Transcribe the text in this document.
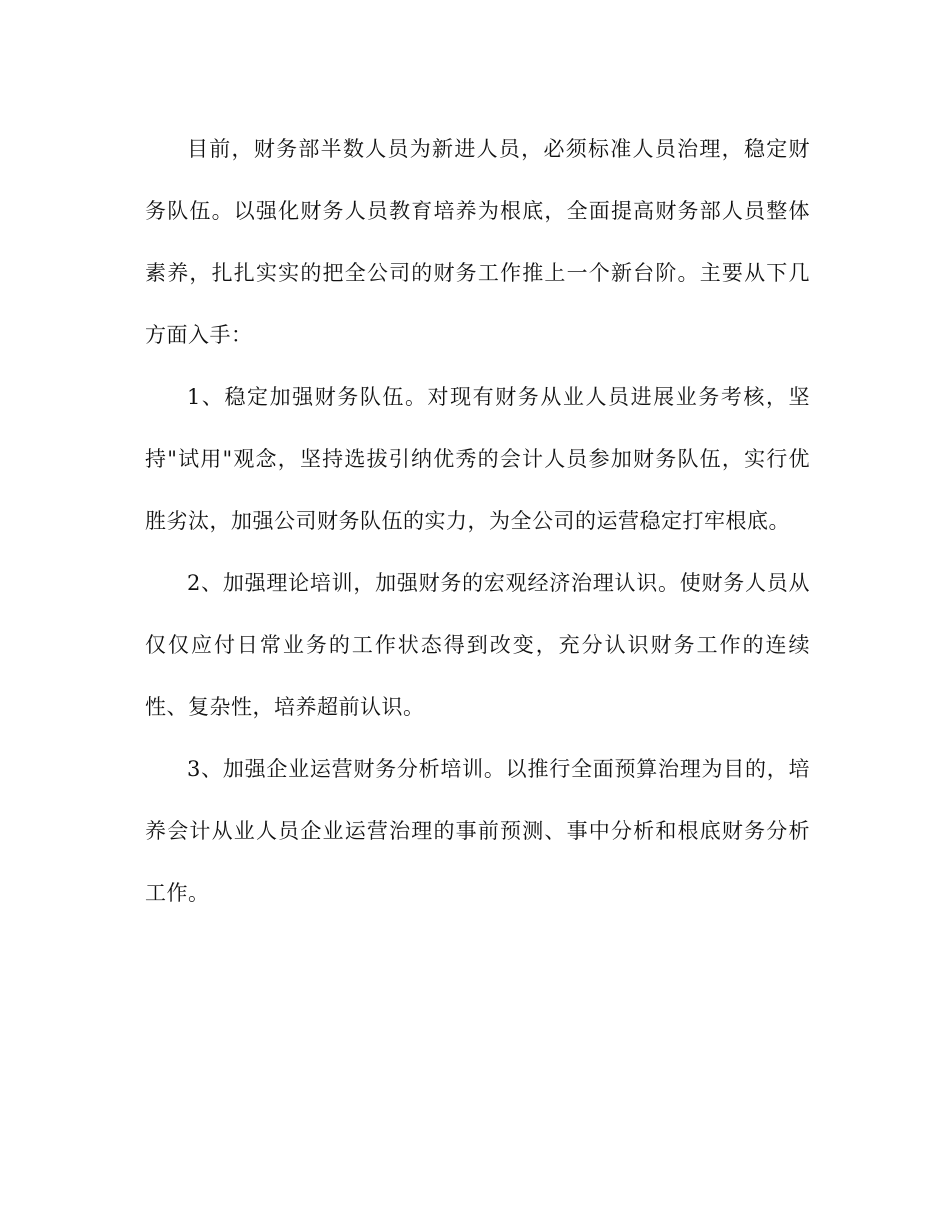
目前，财务部半数人员为新进人员，必须标准人员治理，稳定财务队伍。以强化财务人员教育培养为根底，全面提高财务部人员整体素养，扎扎实实的把全公司的财务工作推上一个新台阶。主要从下几方面入手：

1、稳定加强财务队伍。对现有财务从业人员进展业务考核，坚持"试用"观念，坚持选拔引纳优秀的会计人员参加财务队伍，实行优胜劣汰，加强公司财务队伍的实力，为全公司的运营稳定打牢根底。

2、加强理论培训，加强财务的宏观经济治理认识。使财务人员从仅仅应付日常业务的工作状态得到改变，充分认识财务工作的连续性、复杂性，培养超前认识。

3、加强企业运营财务分析培训。以推行全面预算治理为目的，培养会计从业人员企业运营治理的事前预测、事中分析和根底财务分析工作。
